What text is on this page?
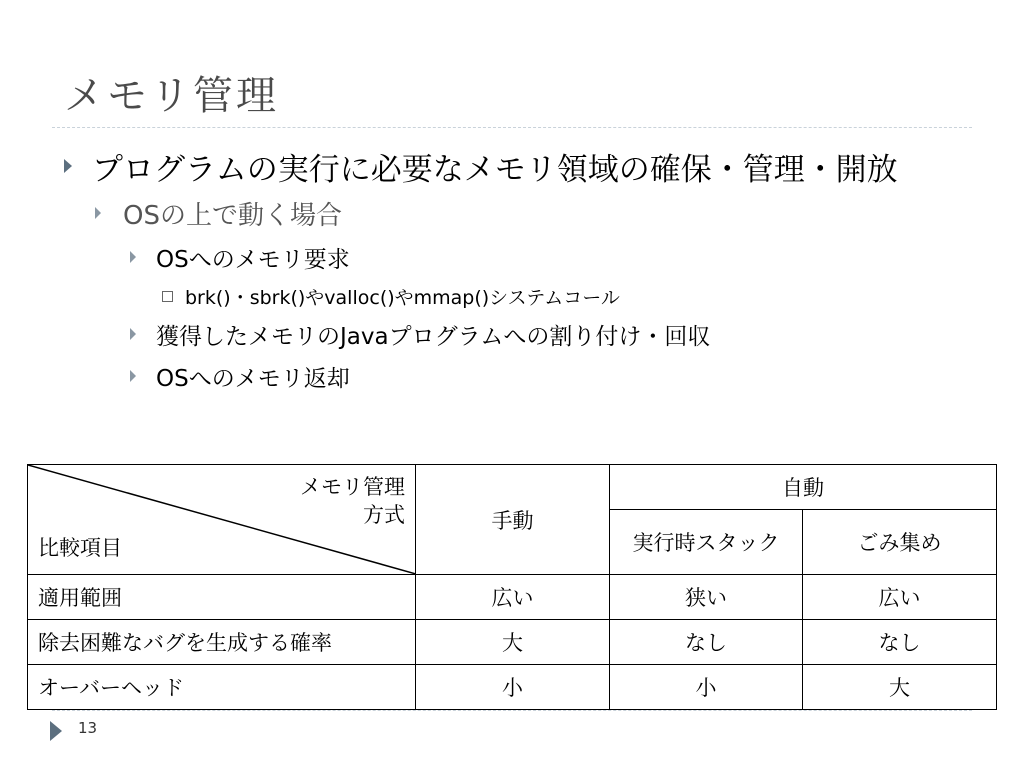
メモリ管理
プログラムの実行に必要なメモリ領域の確保・管理・開放
OSの上で動く場合
OSへのメモリ要求
brk()・sbrk()やvalloc()やmmap()システムコール
獲得したメモリのJavaプログラムへの割り付け・回収
OSへのメモリ返却
メモリ管理
方式
比較項目	手動	自動	
		実行時スタック	ごみ集め
適用範囲	広い	狭い	広い
除去困難なバグを生成する確率	大	なし	なし
オーバーヘッド	小	小	大
13
